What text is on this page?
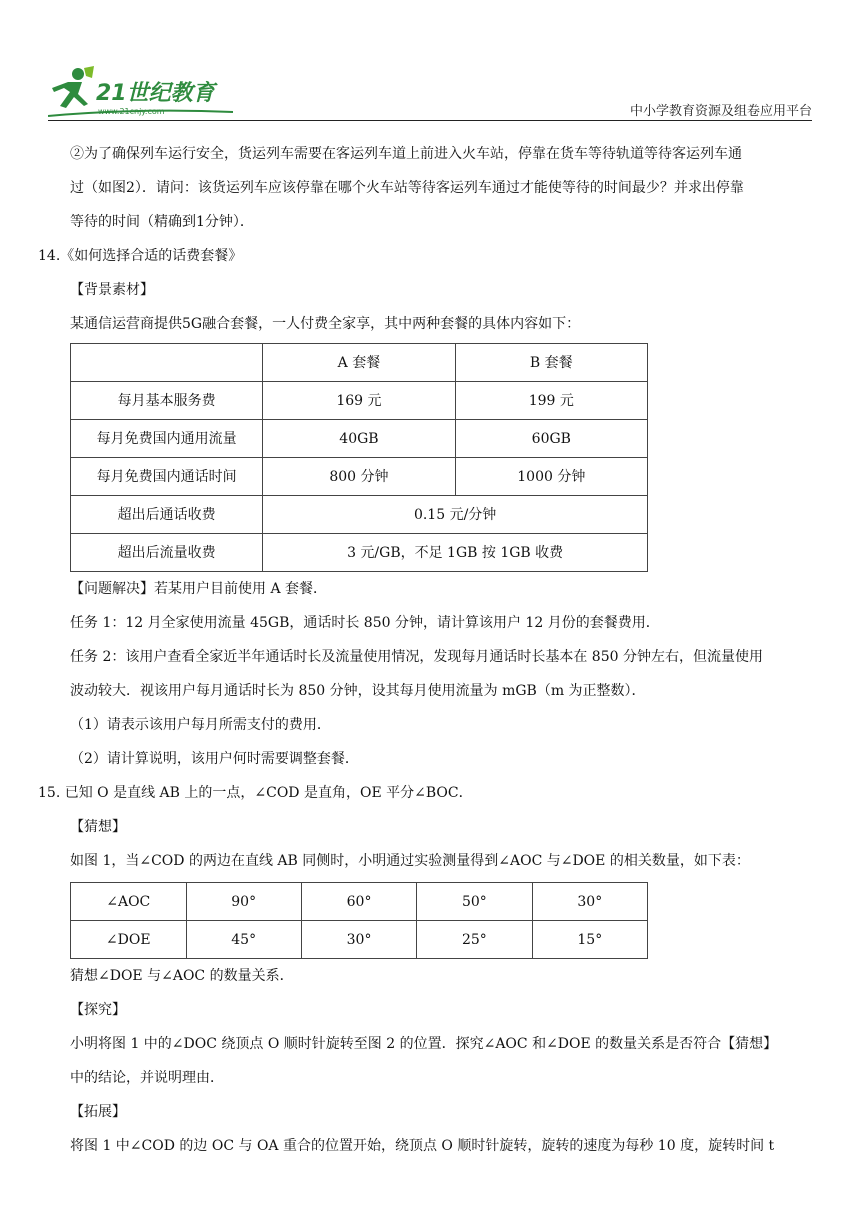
21世纪教育
www.21cnjy.com	中小学教育资源及组卷应用平台

②为了确保列车运行安全，货运列车需要在客运列车道上前进入火车站，停靠在货车等待轨道等待客运列车通

过（如图2）．请问：该货运列车应该停靠在哪个火车站等待客运列车通过才能使等待的时间最少？并求出停靠

等待的时间（精确到1分钟）．

14.《如何选择合适的话费套餐》

【背景素材】

某通信运营商提供5G融合套餐，一人付费全家享，其中两种套餐的具体内容如下：

	A 套餐	B 套餐
每月基本服务费	169 元	199 元
每月免费国内通用流量	40GB	60GB
每月免费国内通话时间	800 分钟	1000 分钟
超出后通话收费	0.15 元/分钟	
超出后流量收费	3 元/GB，不足 1GB 按 1GB 收费	

【问题解决】若某用户目前使用 A 套餐．

任务 1：12 月全家使用流量 45GB，通话时长 850 分钟，请计算该用户 12 月份的套餐费用．

任务 2：该用户查看全家近半年通话时长及流量使用情况，发现每月通话时长基本在 850 分钟左右，但流量使用

波动较大．视该用户每月通话时长为 850 分钟，设其每月使用流量为 mGB（m 为正整数）．

（1）请表示该用户每月所需支付的费用．

（2）请计算说明，该用户何时需要调整套餐．

15. 已知 O 是直线 AB 上的一点，∠COD 是直角，OE 平分∠BOC．

【猜想】

如图 1，当∠COD 的两边在直线 AB 同侧时，小明通过实验测量得到∠AOC 与∠DOE 的相关数量，如下表：

∠AOC	90°	60°	50°	30°
∠DOE	45°	30°	25°	15°

猜想∠DOE 与∠AOC 的数量关系．

【探究】

小明将图 1 中的∠DOC 绕顶点 O 顺时针旋转至图 2 的位置．探究∠AOC 和∠DOE 的数量关系是否符合【猜想】

中的结论，并说明理由．

【拓展】

将图 1 中∠COD 的边 OC 与 OA 重合的位置开始，绕顶点 O 顺时针旋转，旋转的速度为每秒 10 度，旋转时间 t
